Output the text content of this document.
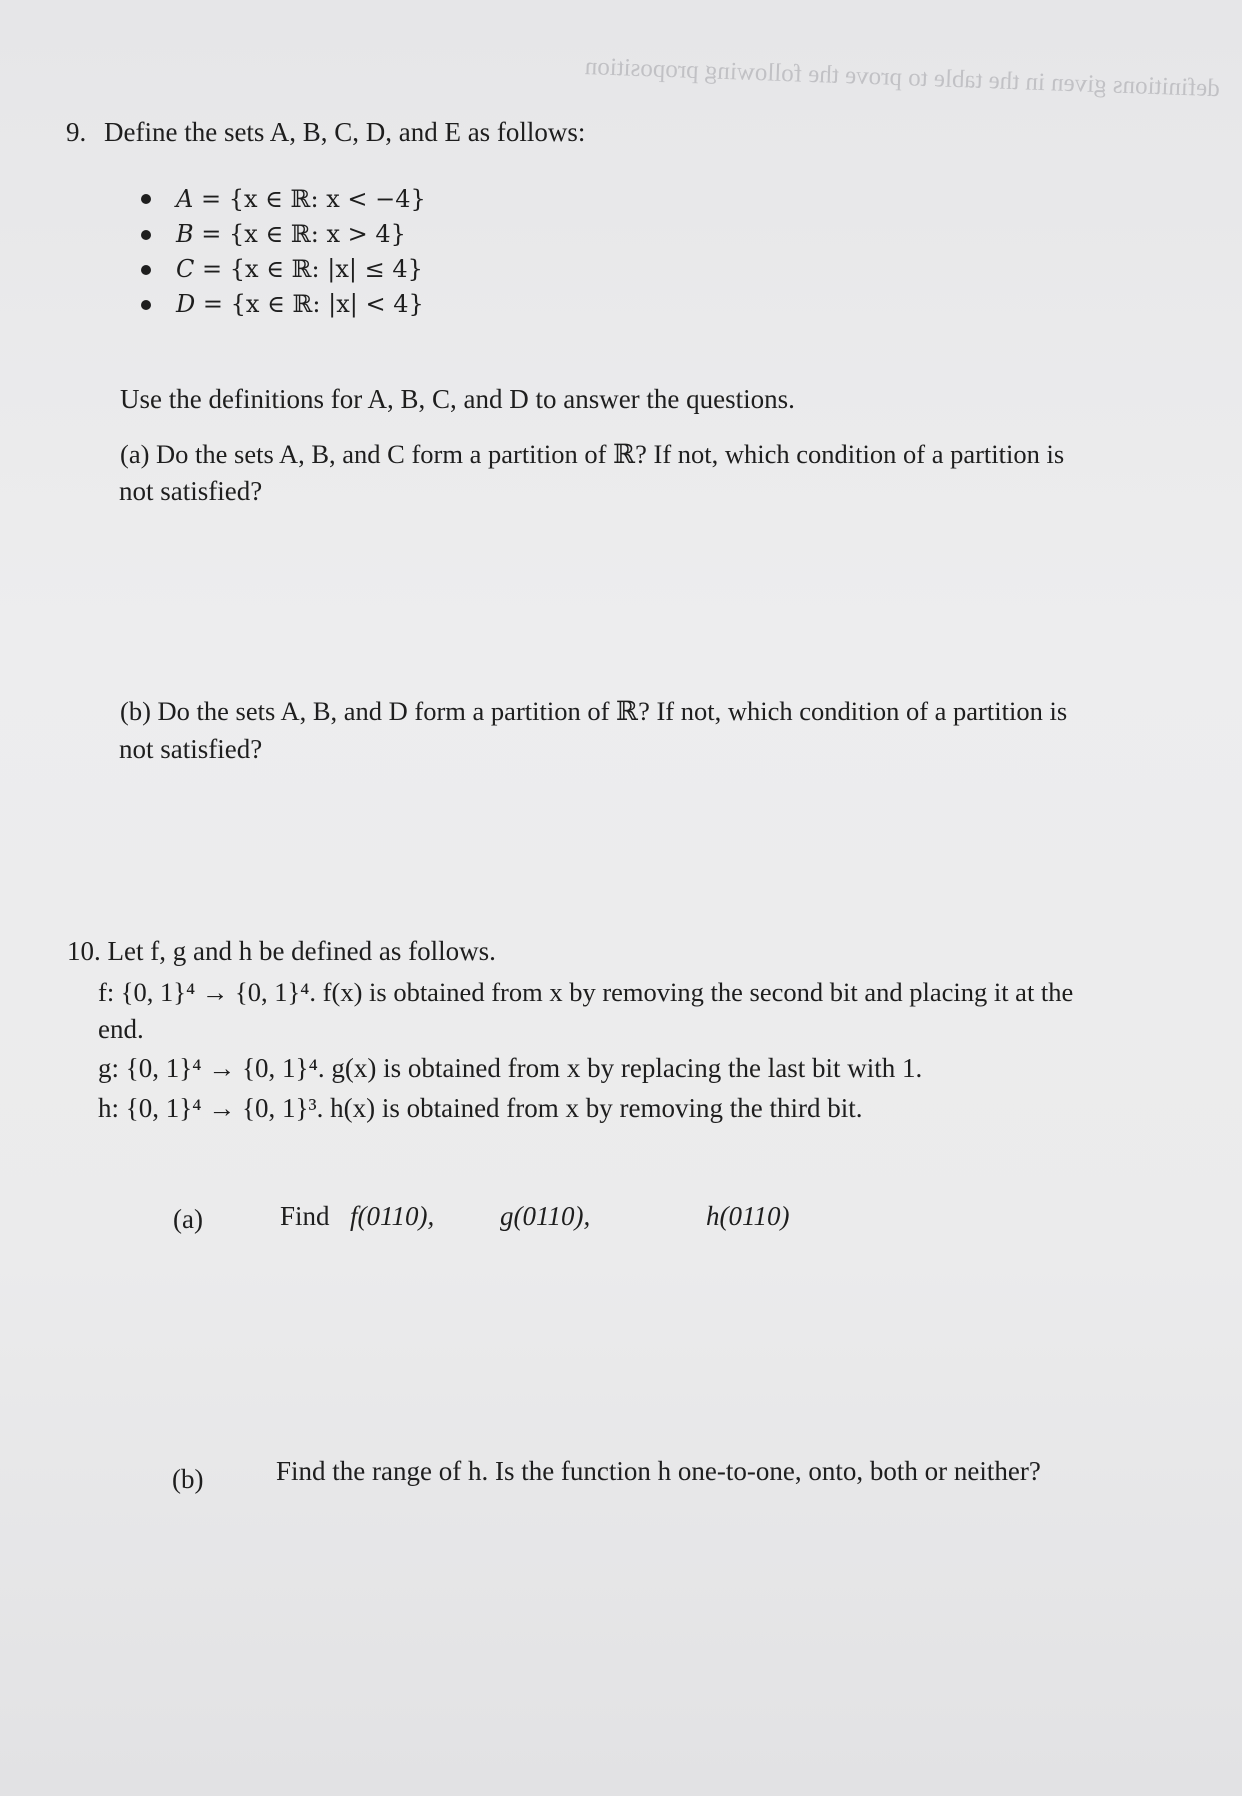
definitions given in the table to prove the following proposition
9. Define the sets A, B, C, D, and E as follows:
A = {x ∈ ℝ: x < −4}
B = {x ∈ ℝ: x > 4}
C = {x ∈ ℝ: |x| ≤ 4}
D = {x ∈ ℝ: |x| < 4}
Use the definitions for A, B, C, and D to answer the questions.
(a) Do the sets A, B, and C form a partition of ℝ? If not, which condition of a partition is
not satisfied?
(b) Do the sets A, B, and D form a partition of ℝ? If not, which condition of a partition is
not satisfied?
10. Let f, g and h be defined as follows.
f: {0, 1}⁴ → {0, 1}⁴. f(x) is obtained from x by removing the second bit and placing it at the
end.
g: {0, 1}⁴ → {0, 1}⁴. g(x) is obtained from x by replacing the last bit with 1.
h: {0, 1}⁴ → {0, 1}³. h(x) is obtained from x by removing the third bit.
(a)	Find f(0110), g(0110),	h(0110)
(b)	Find the range of h. Is the function h one-to-one, onto, both or neither?
